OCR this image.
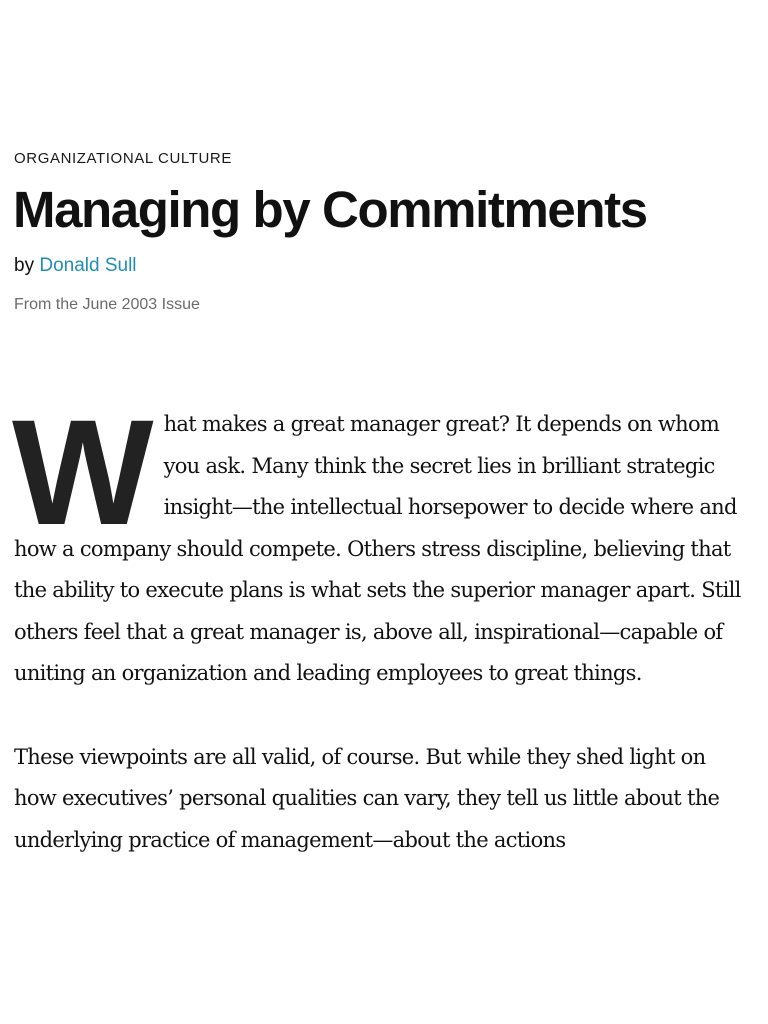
ORGANIZATIONAL CULTURE
Managing by Commitments
by Donald Sull
From the June 2003 Issue

What makes a great manager great? It depends on whom you ask. Many think the secret lies in brilliant strategic insight—the intellectual horsepower to decide where and how a company should compete. Others stress discipline, believing that the ability to execute plans is what sets the superior manager apart. Still others feel that a great manager is, above all, inspirational—capable of uniting an organization and leading employees to great things.

These viewpoints are all valid, of course. But while they shed light on how executives’ personal qualities can vary, they tell us little about the underlying practice of management—about the actions
